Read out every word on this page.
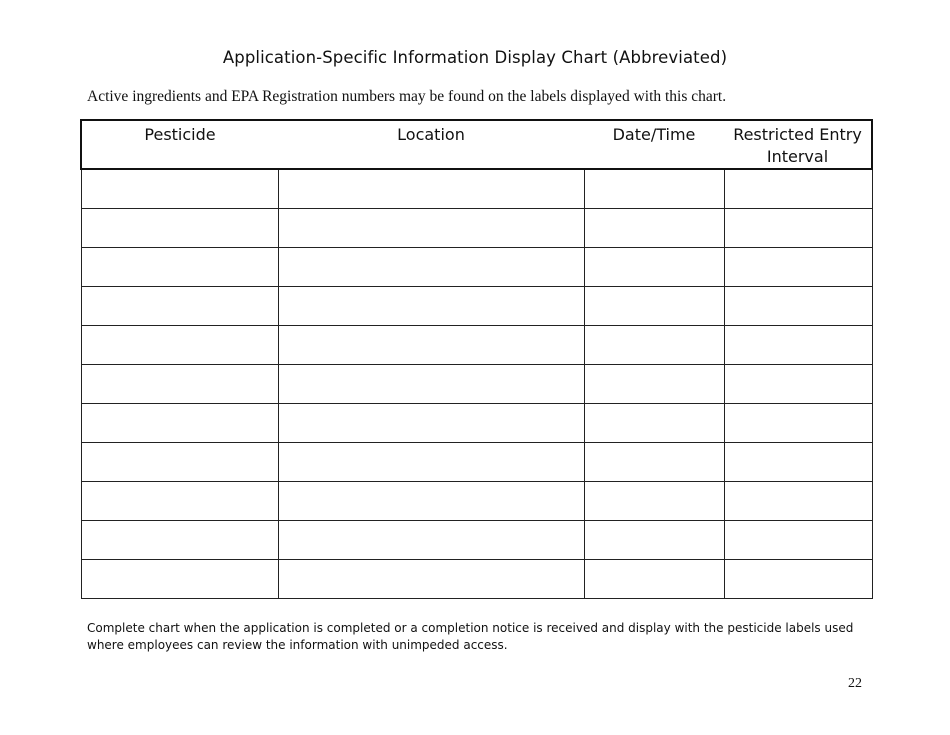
Application-Specific Information Display Chart (Abbreviated)
Active ingredients and EPA Registration numbers may be found on the labels displayed with this chart.
Pesticide	Location	Date/Time	Restricted Entry Interval

Complete chart when the application is completed or a completion notice is received and display with the pesticide labels used where employees can review the information with unimpeded access.
22
